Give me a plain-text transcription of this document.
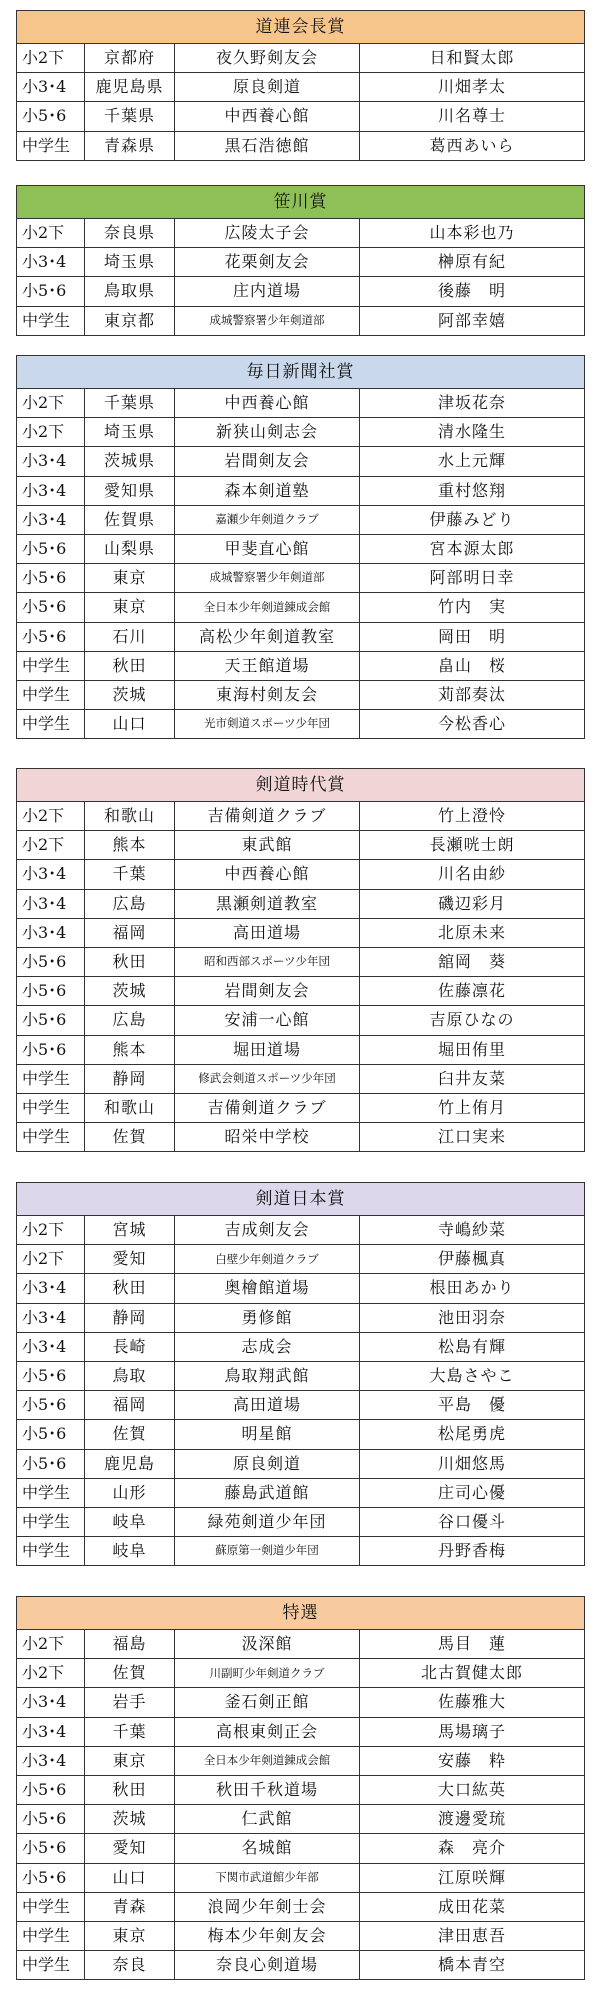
道連会長賞			
小2下	京都府	夜久野剣友会	日和賢太郎
小3･4	鹿児島県	原良剣道	川畑孝太
小5･6	千葉県	中西養心館	川名尊士
中学生	青森県	黒石浩徳館	葛西あいら
笹川賞			
小2下	奈良県	広陵太子会	山本彩也乃
小3･4	埼玉県	花栗剣友会	榊原有紀
小5･6	鳥取県	庄内道場	後藤　明
中学生	東京都	成城警察署少年剣道部	阿部幸嬉
毎日新聞社賞			
小2下	千葉県	中西養心館	津坂花奈
小2下	埼玉県	新狭山剣志会	清水隆生
小3･4	茨城県	岩間剣友会	水上元輝
小3･4	愛知県	森本剣道塾	重村悠翔
小3･4	佐賀県	嘉瀬少年剣道クラブ	伊藤みどり
小5･6	山梨県	甲斐直心館	宮本源太郎
小5･6	東京	成城警察署少年剣道部	阿部明日幸
小5･6	東京	全日本少年剣道錬成会館	竹内　実
小5･6	石川	高松少年剣道教室	岡田　明
中学生	秋田	天王館道場	畠山　桜
中学生	茨城	東海村剣友会	苅部奏汰
中学生	山口	光市剣道スポーツ少年団	今松香心
剣道時代賞			
小2下	和歌山	吉備剣道クラブ	竹上澄怜
小2下	熊本	東武館	長瀬咣士朗
小3･4	千葉	中西養心館	川名由紗
小3･4	広島	黒瀬剣道教室	磯辺彩月
小3･4	福岡	高田道場	北原未来
小5･6	秋田	昭和西部スポーツ少年団	舘岡　葵
小5･6	茨城	岩間剣友会	佐藤凛花
小5･6	広島	安浦一心館	吉原ひなの
小5･6	熊本	堀田道場	堀田侑里
中学生	静岡	修武会剣道スポーツ少年団	臼井友菜
中学生	和歌山	吉備剣道クラブ	竹上侑月
中学生	佐賀	昭栄中学校	江口実来
剣道日本賞			
小2下	宮城	吉成剣友会	寺嶋紗菜
小2下	愛知	白壁少年剣道クラブ	伊藤楓真
小3･4	秋田	奥檜館道場	根田あかり
小3･4	静岡	勇修館	池田羽奈
小3･4	長崎	志成会	松島有輝
小5･6	鳥取	鳥取翔武館	大島さやこ
小5･6	福岡	高田道場	平島　優
小5･6	佐賀	明星館	松尾勇虎
小5･6	鹿児島	原良剣道	川畑悠馬
中学生	山形	藤島武道館	庄司心優
中学生	岐阜	緑苑剣道少年団	谷口優斗
中学生	岐阜	蘇原第一剣道少年団	丹野香梅
特選			
小2下	福島	汲深館	馬目　蓮
小2下	佐賀	川副町少年剣道クラブ	北古賀健太郎
小3･4	岩手	釜石剣正館	佐藤雅大
小3･4	千葉	高根東剣正会	馬場璃子
小3･4	東京	全日本少年剣道錬成会館	安藤　粋
小5･6	秋田	秋田千秋道場	大口紘英
小5･6	茨城	仁武館	渡邊愛琉
小5･6	愛知	名城館	森　亮介
小5･6	山口	下関市武道館少年部	江原咲輝
中学生	青森	浪岡少年剣士会	成田花菜
中学生	東京	梅本少年剣友会	津田恵吾
中学生	奈良	奈良心剣道場	橋本青空
